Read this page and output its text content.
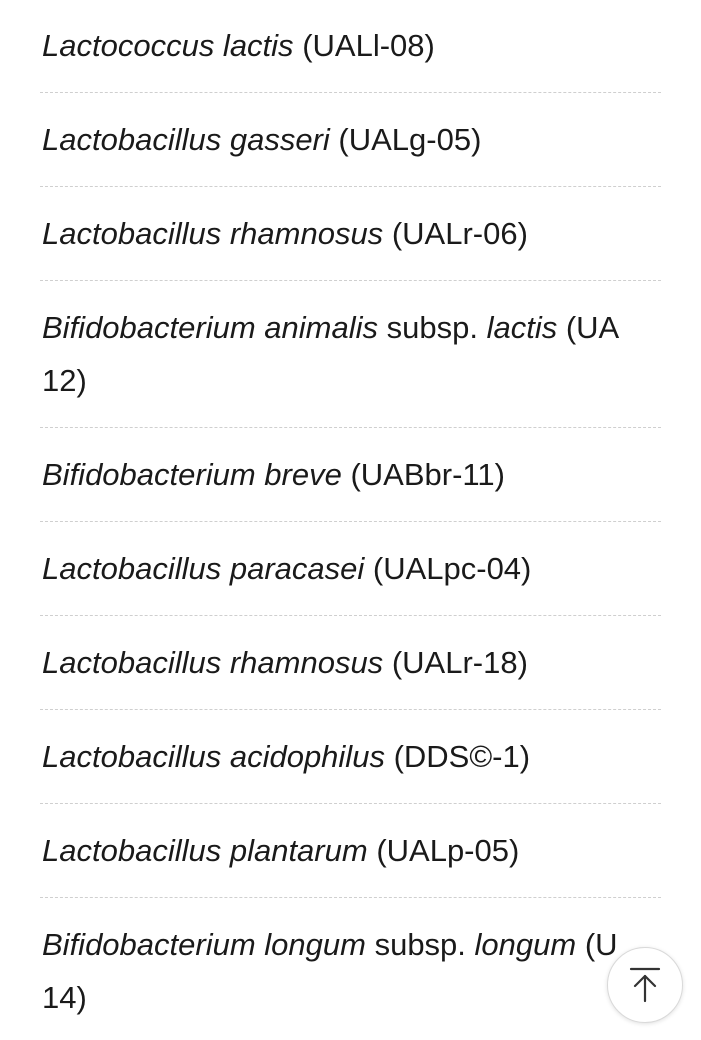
Lactococcus lactis (UALl-08)
Lactobacillus gasseri (UALg-05)
Lactobacillus rhamnosus (UALr-06)
Bifidobacterium animalis subsp. lactis (UA
12)
Bifidobacterium breve (UABbr-11)
Lactobacillus paracasei (UALpc-04)
Lactobacillus rhamnosus (UALr-18)
Lactobacillus acidophilus (DDS©-1)
Lactobacillus plantarum (UALp-05)
Bifidobacterium longum subsp. longum (U
14)
